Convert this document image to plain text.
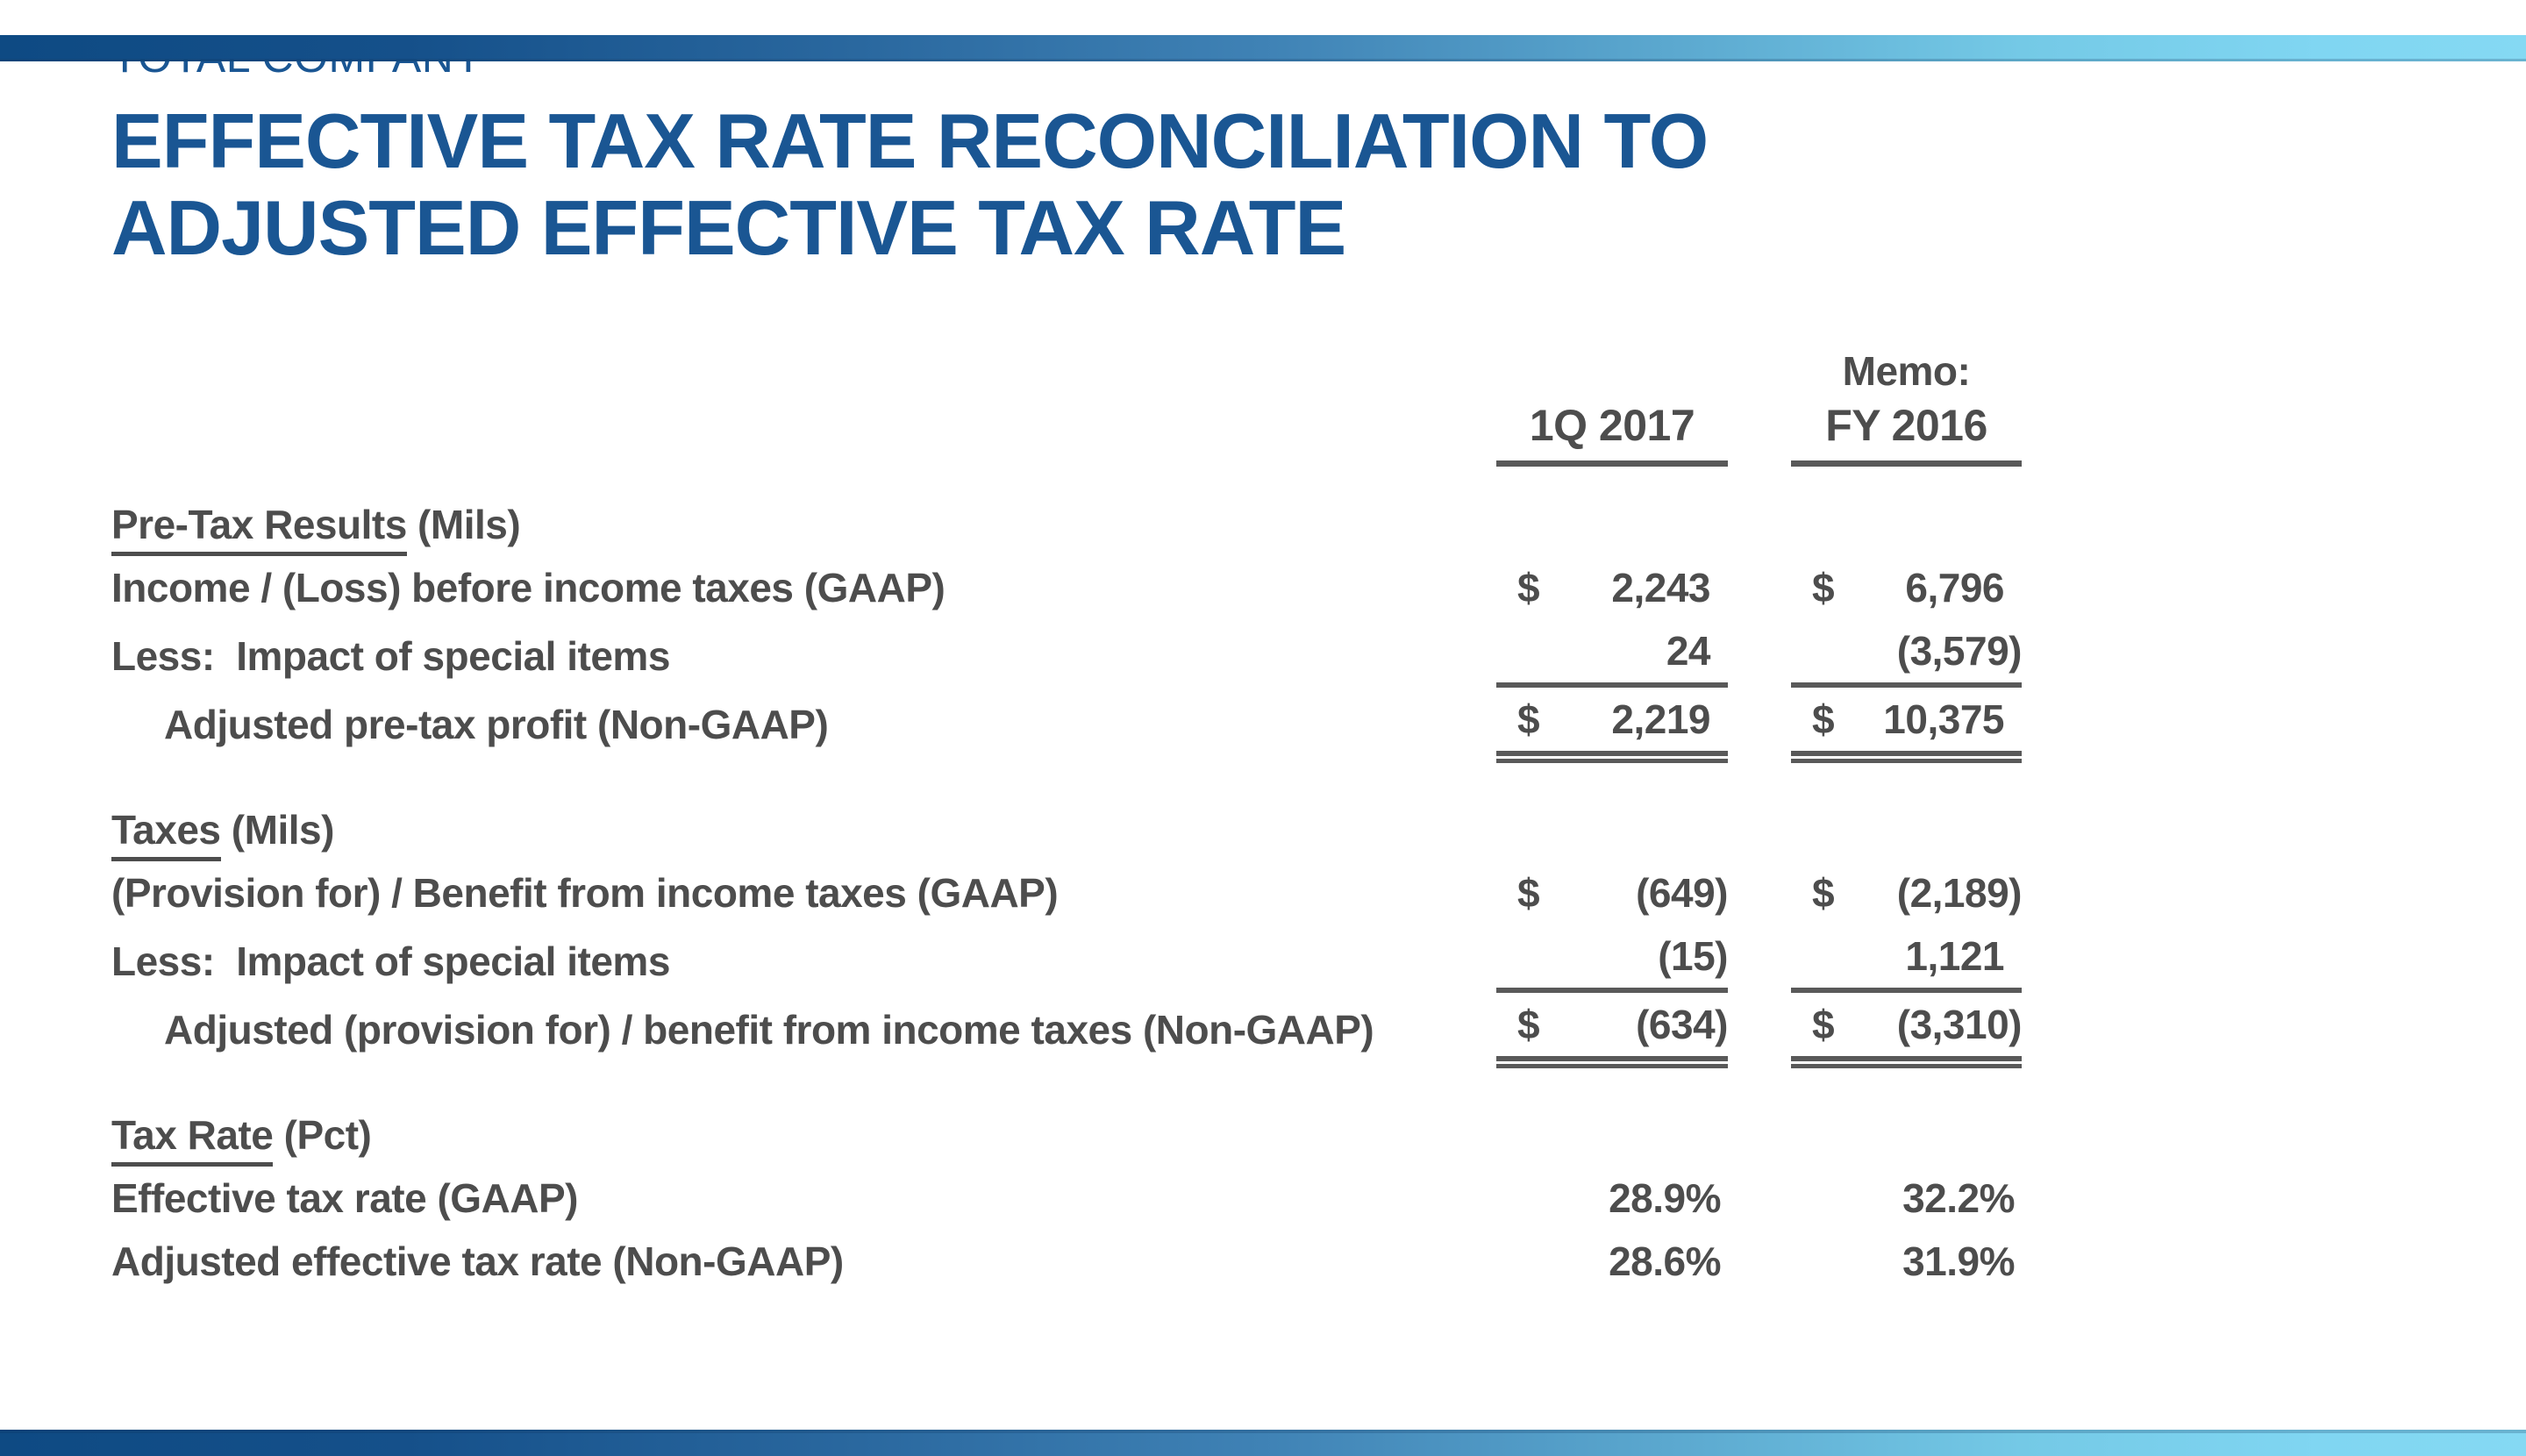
EFFECTIVE TAX RATE RECONCILIATION TO
ADJUSTED EFFECTIVE TAX RATE
Memo:
1Q 2017	FY 2016
Pre-Tax Results (Mils)
Income / (Loss) before income taxes (GAAP)	$	2,243	$	6,796
Less:  Impact of special items	24	(3,579)
Adjusted pre-tax profit (Non-GAAP)	$	2,219	$	10,375
Taxes (Mils)
(Provision for) / Benefit from income taxes (GAAP)	$	(649)	$	(2,189)
Less:  Impact of special items	(15)	1,121
Adjusted (provision for) / benefit from income taxes (Non-GAAP)	$	(634)	$	(3,310)
Tax Rate (Pct)
Effective tax rate (GAAP)	28.9%	32.2%
Adjusted effective tax rate (Non-GAAP)	28.6%	31.9%
